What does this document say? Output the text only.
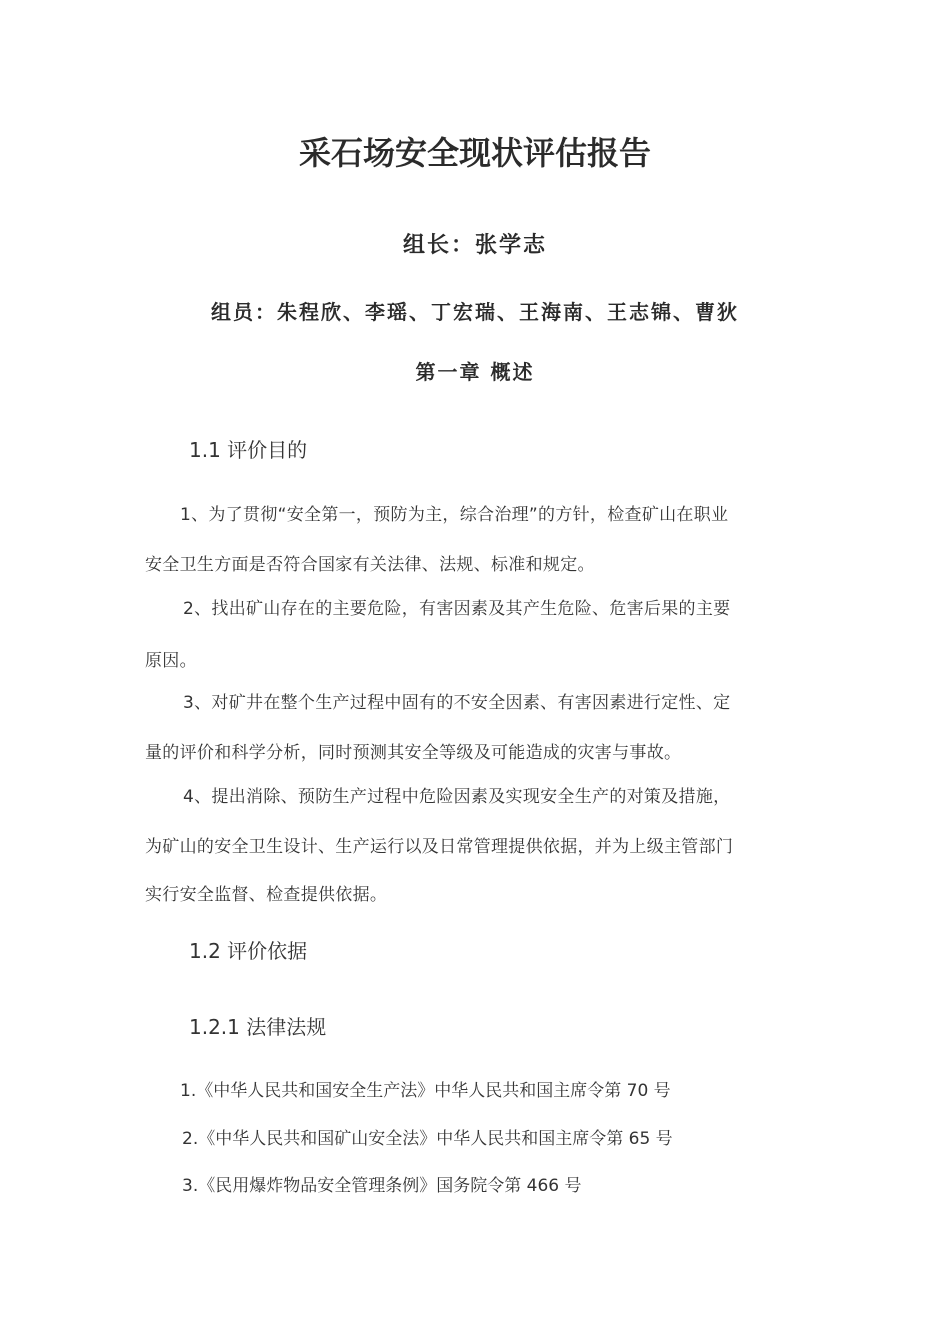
采石场安全现状评估报告
组长：张学志
组员：朱程欣、李瑶、丁宏瑞、王海南、王志锦、曹狄
第一章 概述
1.1 评价目的
1、为了贯彻“安全第一，预防为主，综合治理”的方针，检查矿山在职业
安全卫生方面是否符合国家有关法律、法规、标准和规定。
2、找出矿山存在的主要危险，有害因素及其产生危险、危害后果的主要
原因。
3、对矿井在整个生产过程中固有的不安全因素、有害因素进行定性、定
量的评价和科学分析，同时预测其安全等级及可能造成的灾害与事故。
4、提出消除、预防生产过程中危险因素及实现安全生产的对策及措施，
为矿山的安全卫生设计、生产运行以及日常管理提供依据，并为上级主管部门
实行安全监督、检查提供依据。
1.2 评价依据
1.2.1 法律法规
1.《中华人民共和国安全生产法》中华人民共和国主席令第 70 号
2.《中华人民共和国矿山安全法》中华人民共和国主席令第 65 号
3.《民用爆炸物品安全管理条例》国务院令第 466 号
